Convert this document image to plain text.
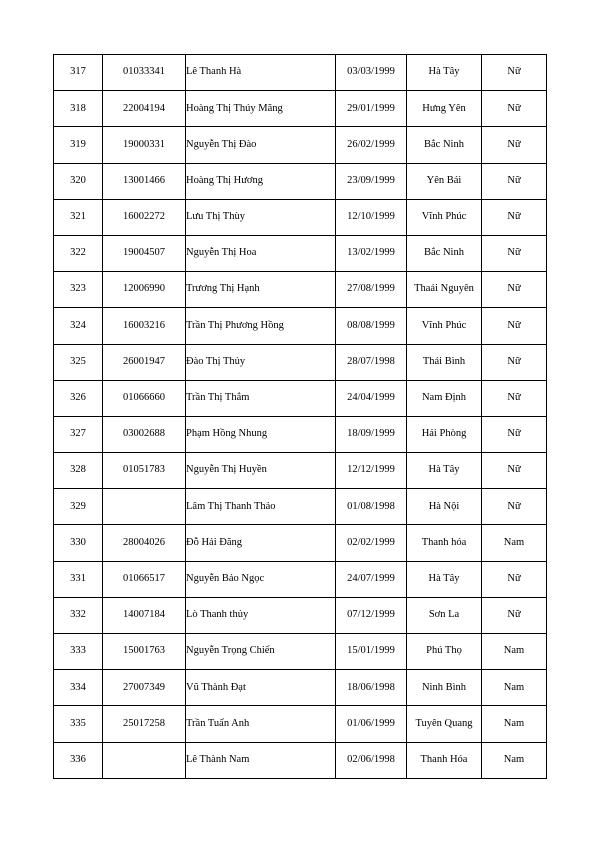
317	01033341	Lê Thanh Hà	03/03/1999	Hà Tây	Nữ
318	22004194	Hoàng Thị Thúy Măng	29/01/1999	Hưng Yên	Nữ
319	19000331	Nguyễn Thị Đào	26/02/1999	Bắc Ninh	Nữ
320	13001466	Hoàng Thị Hương	23/09/1999	Yên Bái	Nữ
321	16002272	Lưu Thị Thùy	12/10/1999	Vĩnh Phúc	Nữ
322	19004507	Nguyễn Thị Hoa	13/02/1999	Bắc Ninh	Nữ
323	12006990	Trương Thị Hạnh	27/08/1999	Thaái Nguyên	Nữ
324	16003216	Trần Thị Phương Hồng	08/08/1999	Vĩnh Phúc	Nữ
325	26001947	Đào Thị Thủy	28/07/1998	Thái Bình	Nữ
326	01066660	Trần Thị Thắm	24/04/1999	Nam Định	Nữ
327	03002688	Phạm Hồng Nhung	18/09/1999	Hải Phòng	Nữ
328	01051783	Nguyễn Thị Huyền	12/12/1999	Hà Tây	Nữ
329		Lâm Thị Thanh Thảo	01/08/1998	Hà Nội	Nữ
330	28004026	Đỗ Hải Đăng	02/02/1999	Thanh hóa	Nam
331	01066517	Nguyễn Bảo Ngọc	24/07/1999	Hà Tây	Nữ
332	14007184	Lò Thanh thủy	07/12/1999	Sơn La	Nữ
333	15001763	Nguyễn Trọng Chiến	15/01/1999	Phú Thọ	Nam
334	27007349	Vũ Thành Đạt	18/06/1998	Ninh Bình	Nam
335	25017258	Trần Tuấn Anh	01/06/1999	Tuyên Quang	Nam
336		Lê Thành Nam	02/06/1998	Thanh Hóa	Nam
